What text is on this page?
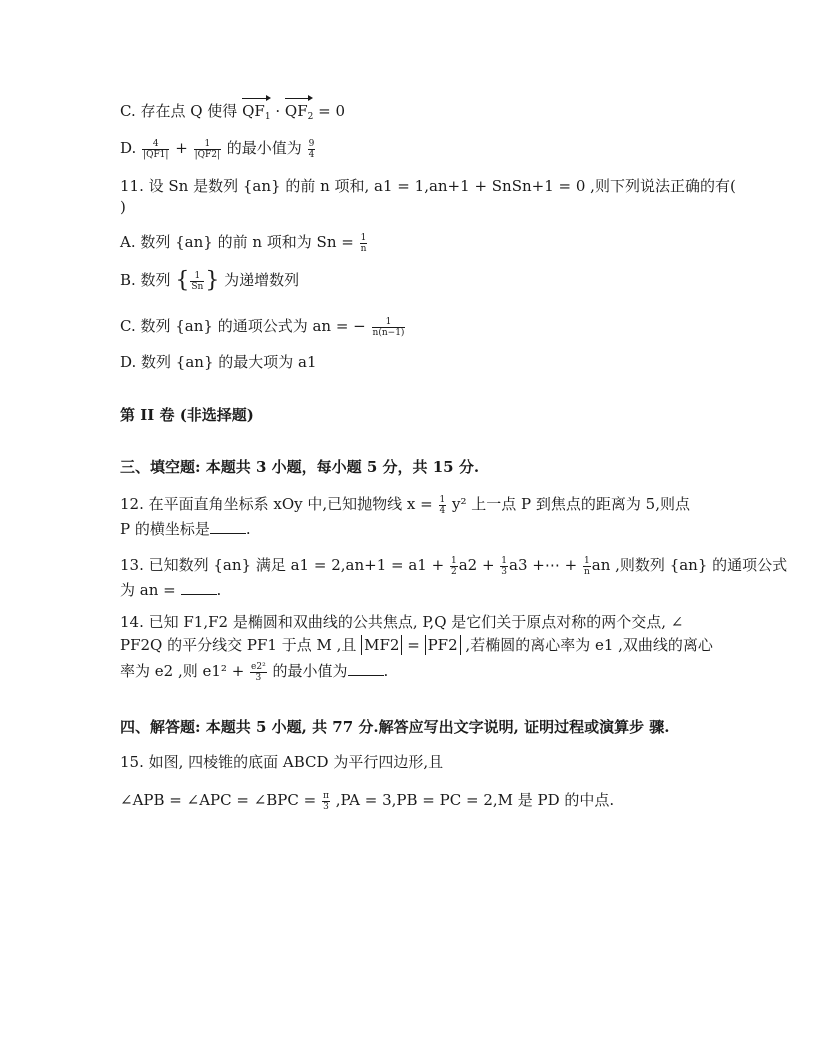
C. 存在点 Q 使得 $QF_1 \cdot QF_2 = 0$
D. $\frac{4}{|QF1|} + \frac{1}{|QF2|}$ 的最小值为 $\frac{9}{4}$
11. 设 Sn 是数列 {an} 的前 n 项和, a1 = 1,an+1 + SnSn+1 = 0 ,则下列说法正确的有(
)
A. 数列 {an} 的前 n 项和为 $Sn = \frac{1}{n}$
B. 数列 { $\frac{1}{Sn}$ } 为递增数列
C. 数列 {an} 的通项公式为 an = − $\frac{1}{n(n-1)}$
D. 数列 {an} 的最大项为 a1
第 II 卷 (非选择题)
三、填空题: 本题共 3 小题，每小题 5 分，共 15 分.
12. 在平面直角坐标系 xOy 中,已知抛物线 $x = \frac{1}{4} y^2$ 上一点 P 到焦点的距离为 5,则点
P 的横坐标是 .
13. 已知数列 {an} 满足 $a1 = 2,an+1 = a1 + \frac{1}{2} a2 + \frac{1}{3} a3$ +⋯ + $\frac{1}{n}$ an ,则数列 {an} 的通项公式
为 an =	.
14. 已知 F1,F2 是椭圆和双曲线的公共焦点, P,Q 是它们关于原点对称的两个交点, ∠
PF2Q 的平分线交 PF1 于点 M ,且 MF2 = PF2 ,若椭圆的离心率为 e1 ,双曲线的离心
率为 e2 ,则 $e1^2 + \frac{\text{e2²}}{3}$ 的最小值为 .
四、解答题: 本题共 5 小题, 共 77 分.解答应写出文字说明, 证明过程或演算步 骤.
15. 如图, 四棱锥的底面 ABCD 为平行四边形,且
∠APB = ∠APC = ∠BPC = $\frac{\pi}{3} ,PA = 3,PB$ = PC = 2,M 是 PD 的中点.
